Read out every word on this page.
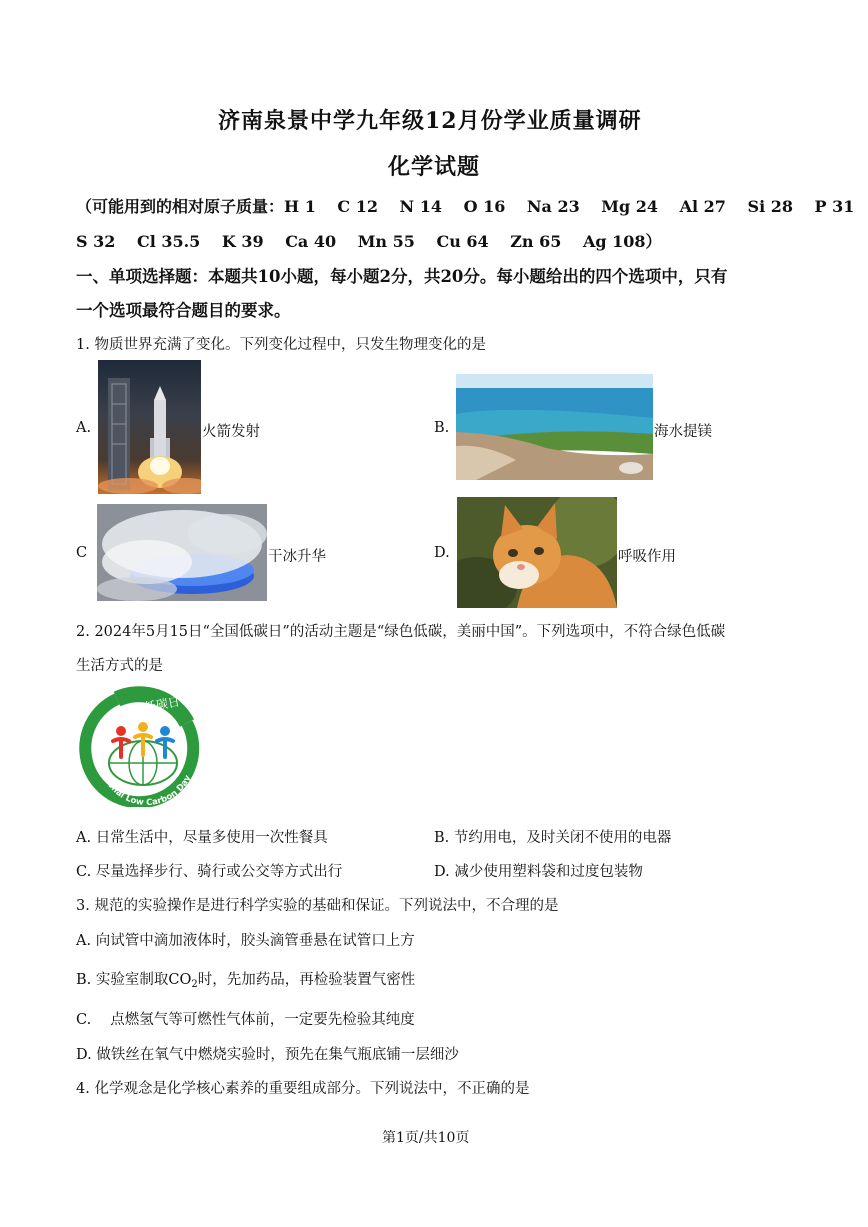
济南泉景中学九年级12月份学业质量调研
化学试题
（可能用到的相对原子质量：H 1　 C 12　 N 14　 O 16　 Na 23　 Mg 24　 Al 27　 Si 28　 P 31
S 32　 Cl 35.5　 K 39　 Ca 40　 Mn 55　 Cu 64　 Zn 65　 Ag 108）
一、单项选择题：本题共10小题，每小题2分，共20分。每小题给出的四个选项中，只有
一个选项最符合题目的要求。
1. 物质世界充满了变化。下列变化过程中，只发生物理变化的是
A.	火箭发射	B.	海水提镁
C	干冰升华	D.	呼吸作用
2. 2024年5月15日“全国低碳日”的活动主题是“绿色低碳，美丽中国”。下列选项中，不符合绿色低碳
生活方式的是
全国低碳日
National Low Carbon Day
A. 日常生活中，尽量多使用一次性餐具	B. 节约用电，及时关闭不使用的电器
C. 尽量选择步行、骑行或公交等方式出行	D. 减少使用塑料袋和过度包装物
3. 规范的实验操作是进行科学实验的基础和保证。下列说法中，不合理的是
A. 向试管中滴加液体时，胶头滴管垂悬在试管口上方
B. 实验室制取$CO_2$时，先加药品，再检验装置气密性
C.　 点燃氢气等可燃性气体前，一定要先检验其纯度
D. 做铁丝在氧气中燃烧实验时，预先在集气瓶底铺一层细沙
4. 化学观念是化学核心素养的重要组成部分。下列说法中，不正确的是
第1页/共10页
